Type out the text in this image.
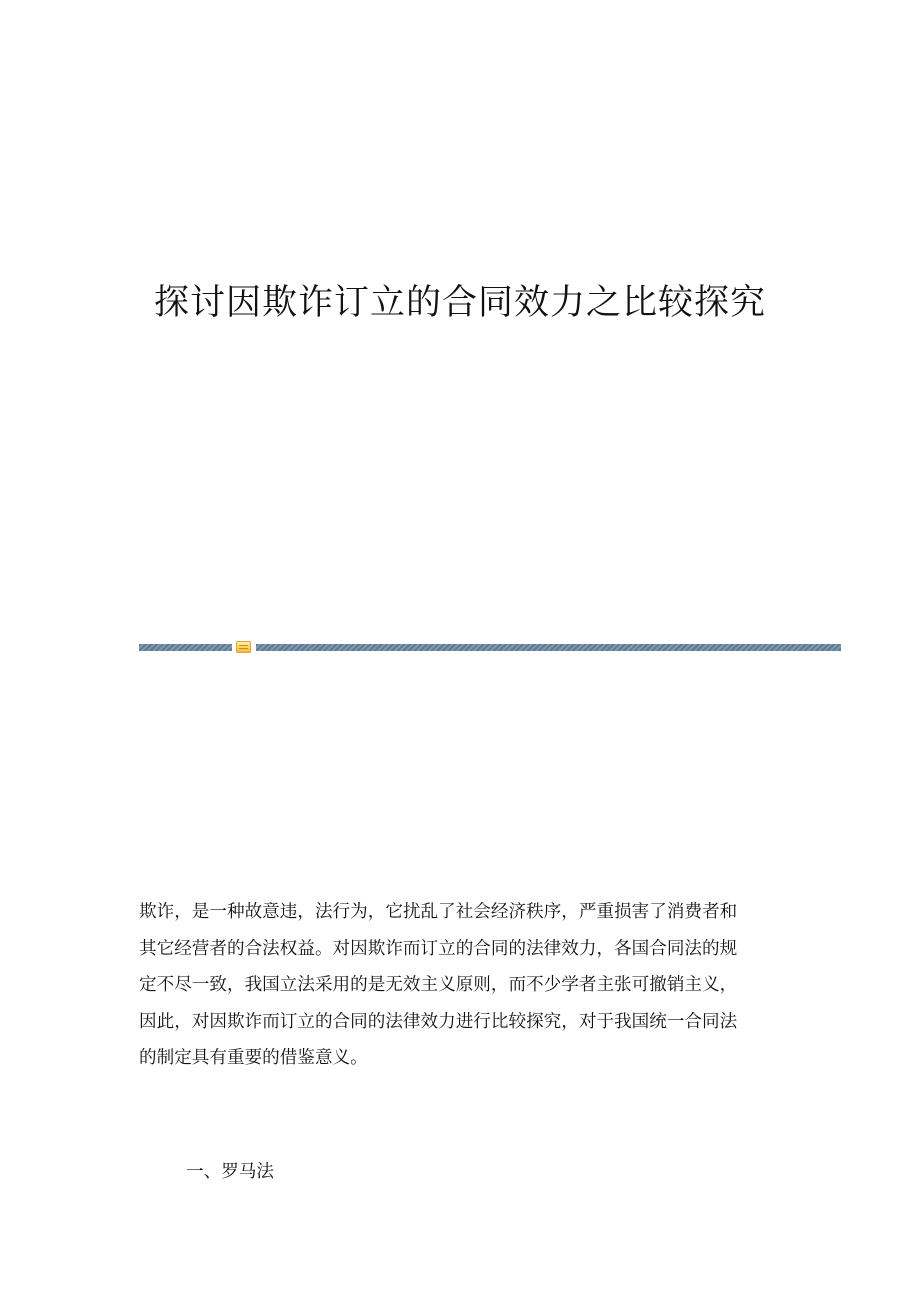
探讨因欺诈订立的合同效力之比较探究

欺诈，是一种故意违，法行为，它扰乱了社会经济秩序，严重损害了消费者和
其它经营者的合法权益。对因欺诈而订立的合同的法律效力，各国合同法的规
定不尽一致，我国立法采用的是无效主义原则，而不少学者主张可撤销主义，
因此，对因欺诈而订立的合同的法律效力进行比较探究，对于我国统一合同法
的制定具有重要的借鉴意义。

一、罗马法
